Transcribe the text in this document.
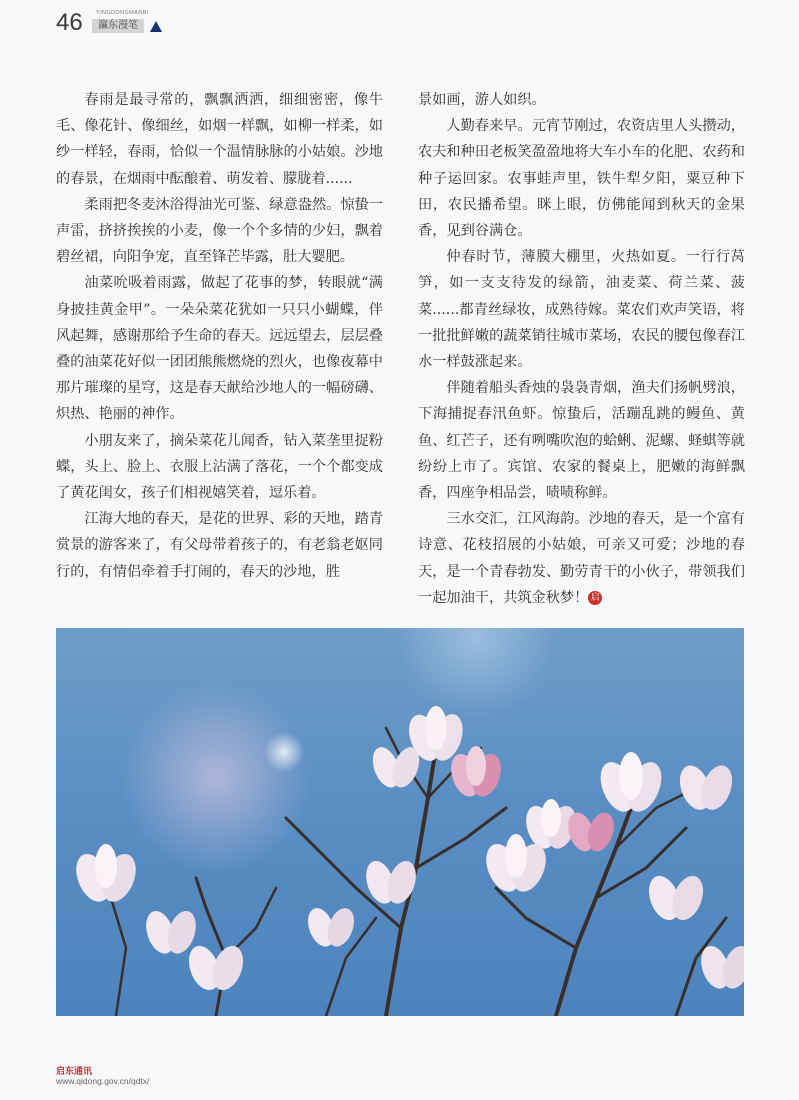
46 YINGDONGMANBI
瀛东漫笔

春雨是最寻常的，飘飘洒洒，细细密密，像牛毛、像花针、像细丝，如烟一样飘，如柳一样柔，如纱一样轻，春雨，恰似一个温情脉脉的小姑娘。沙地的春景，在烟雨中酝酿着、萌发着、朦胧着......

柔雨把冬麦沐浴得油光可鉴、绿意盎然。惊蛰一声雷，挤挤挨挨的小麦，像一个个多情的少妇，飘着碧丝裙，向阳争宠，直至锋芒毕露，肚大婴肥。

油菜吮吸着雨露，做起了花事的梦，转眼就“满身披挂黄金甲”。一朵朵菜花犹如一只只小蝴蝶，伴风起舞，感谢那给予生命的春天。远远望去，层层叠叠的油菜花好似一团团熊熊燃烧的烈火，也像夜幕中那片璀璨的星穹，这是春天献给沙地人的一幅磅礴、炽热、艳丽的神作。

小朋友来了，摘朵菜花儿闻香，钻入菜垄里捉粉蝶，头上、脸上、衣服上沾满了落花，一个个都变成了黄花闺女，孩子们相视嬉笑着，逗乐着。

江海大地的春天，是花的世界、彩的天地，踏青赏景的游客来了，有父母带着孩子的，有老翁老妪同行的，有情侣牵着手打闹的，春天的沙地，胜

景如画，游人如织。

人勤春来早。元宵节刚过，农资店里人头攒动，农夫和种田老板笑盈盈地将大车小车的化肥、农药和种子运回家。农事蛙声里，铁牛犁夕阳，粟豆种下田，农民播希望。眯上眼，仿佛能闻到秋天的金果香，见到谷满仓。

仲春时节，薄膜大棚里，火热如夏。一行行莴笋，如一支支待发的绿箭，油麦菜、荷兰菜、菠菜......都青丝绿妆，成熟待嫁。菜农们欢声笑语，将一批批鲜嫩的蔬菜销往城市菜场，农民的腰包像春江水一样鼓涨起来。

伴随着船头香烛的袅袅青烟，渔夫们扬帆劈浪，下海捕捉春汛鱼虾。惊蛰后，活蹦乱跳的鳗鱼、黄鱼、红芒子，还有咧嘴吹泡的蛤蜊、泥螺、蛏蜞等就纷纷上市了。宾馆、农家的餐桌上，肥嫩的海鲜飘香，四座争相品尝，啧啧称鲜。

三水交汇，江风海韵。沙地的春天，是一个富有诗意、花枝招展的小姑娘，可亲又可爱；沙地的春天，是一个青春勃发、勤劳青干的小伙子，带领我们一起加油干，共筑金秋梦！ 启

启东通讯
www.qidong.gov.cn/qdtx/
